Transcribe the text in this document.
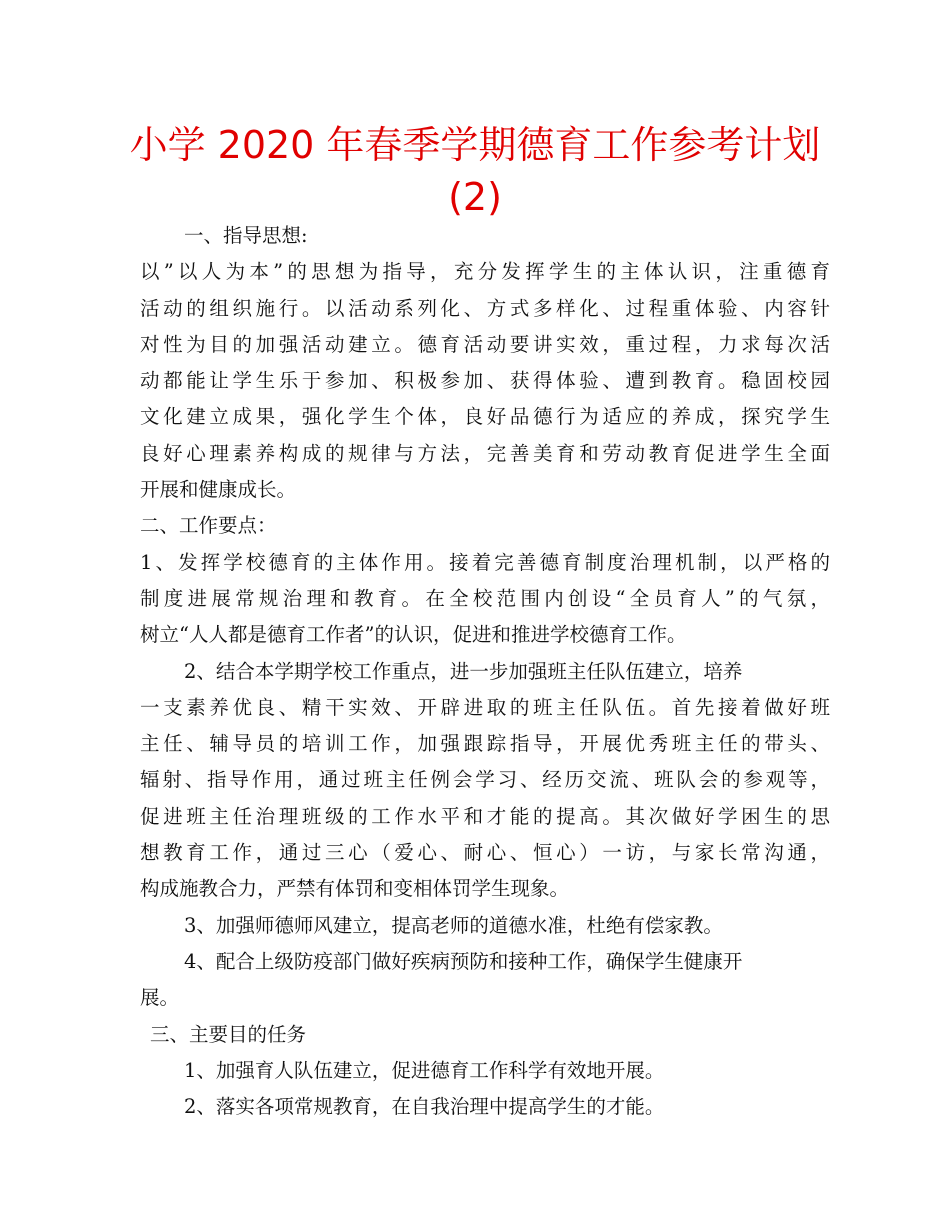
小学 2020 年春季学期德育工作参考计划
(2)
一、指导思想:
以”以人为本”的思想为指导，充分发挥学生的主体认识，注重德育
活动的组织施行。以活动系列化、方式多样化、过程重体验、内容针
对性为目的加强活动建立。德育活动要讲实效，重过程，力求每次活
动都能让学生乐于参加、积极参加、获得体验、遭到教育。稳固校园
文化建立成果，强化学生个体，良好品德行为适应的养成，探究学生
良好心理素养构成的规律与方法，完善美育和劳动教育促进学生全面
开展和健康成长。
二、工作要点：
1、发挥学校德育的主体作用。接着完善德育制度治理机制，以严格的
制度进展常规治理和教育。在全校范围内创设“全员育人”的气氛，
树立“人人都是德育工作者”的认识，促进和推进学校德育工作。
2、结合本学期学校工作重点，进一步加强班主任队伍建立，培养
一支素养优良、精干实效、开辟进取的班主任队伍。首先接着做好班
主任、辅导员的培训工作，加强跟踪指导，开展优秀班主任的带头、
辐射、指导作用，通过班主任例会学习、经历交流、班队会的参观等，
促进班主任治理班级的工作水平和才能的提高。其次做好学困生的思
想教育工作，通过三心（爱心、耐心、恒心）一访，与家长常沟通，
构成施教合力，严禁有体罚和变相体罚学生现象。
3、加强师德师风建立，提高老师的道德水准，杜绝有偿家教。
4、配合上级防疫部门做好疾病预防和接种工作，确保学生健康开
展。
三、主要目的任务
1、加强育人队伍建立，促进德育工作科学有效地开展。
2、落实各项常规教育，在自我治理中提高学生的才能。
